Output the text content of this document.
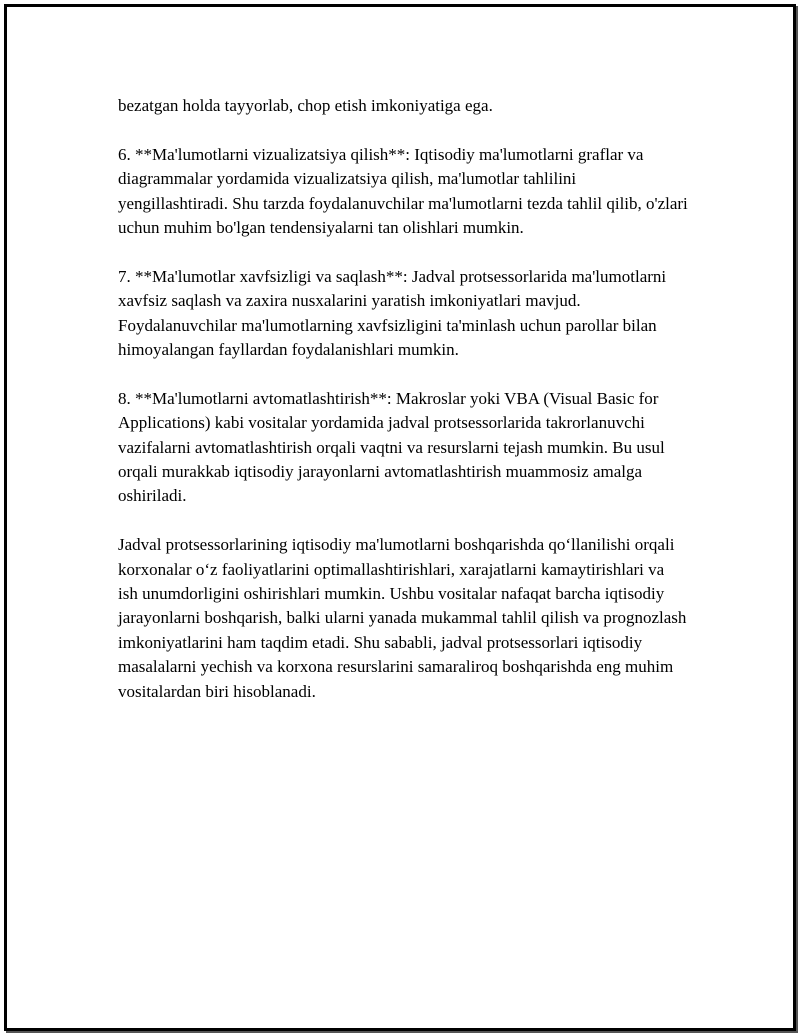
bezatgan holda tayyorlab, chop etish imkoniyatiga ega.

6. **Ma'lumotlarni vizualizatsiya qilish**: Iqtisodiy ma'lumotlarni graflar va diagrammalar yordamida vizualizatsiya qilish, ma'lumotlar tahlilini yengillashtiradi. Shu tarzda foydalanuvchilar ma'lumotlarni tezda tahlil qilib, o'zlari uchun muhim bo'lgan tendensiyalarni tan olishlari mumkin.

7. **Ma'lumotlar xavfsizligi va saqlash**: Jadval protsessorlarida ma'lumotlarni xavfsiz saqlash va zaxira nusxalarini yaratish imkoniyatlari mavjud. Foydalanuvchilar ma'lumotlarning xavfsizligini ta'minlash uchun parollar bilan himoyalangan fayllardan foydalanishlari mumkin.

8. **Ma'lumotlarni avtomatlashtirish**: Makroslar yoki VBA (Visual Basic for Applications) kabi vositalar yordamida jadval protsessorlarida takrorlanuvchi vazifalarni avtomatlashtirish orqali vaqtni va resurslarni tejash mumkin. Bu usul orqali murakkab iqtisodiy jarayonlarni avtomatlashtirish muammosiz amalga oshiriladi.

Jadval protsessorlarining iqtisodiy ma'lumotlarni boshqarishda qo‘llanilishi orqali korxonalar o‘z faoliyatlarini optimallashtirishlari, xarajatlarni kamaytirishlari va ish unumdorligini oshirishlari mumkin. Ushbu vositalar nafaqat barcha iqtisodiy jarayonlarni boshqarish, balki ularni yanada mukammal tahlil qilish va prognozlash imkoniyatlarini ham taqdim etadi. Shu sababli, jadval protsessorlari iqtisodiy masalalarni yechish va korxona resurslarini samaraliroq boshqarishda eng muhim vositalardan biri hisoblanadi.
